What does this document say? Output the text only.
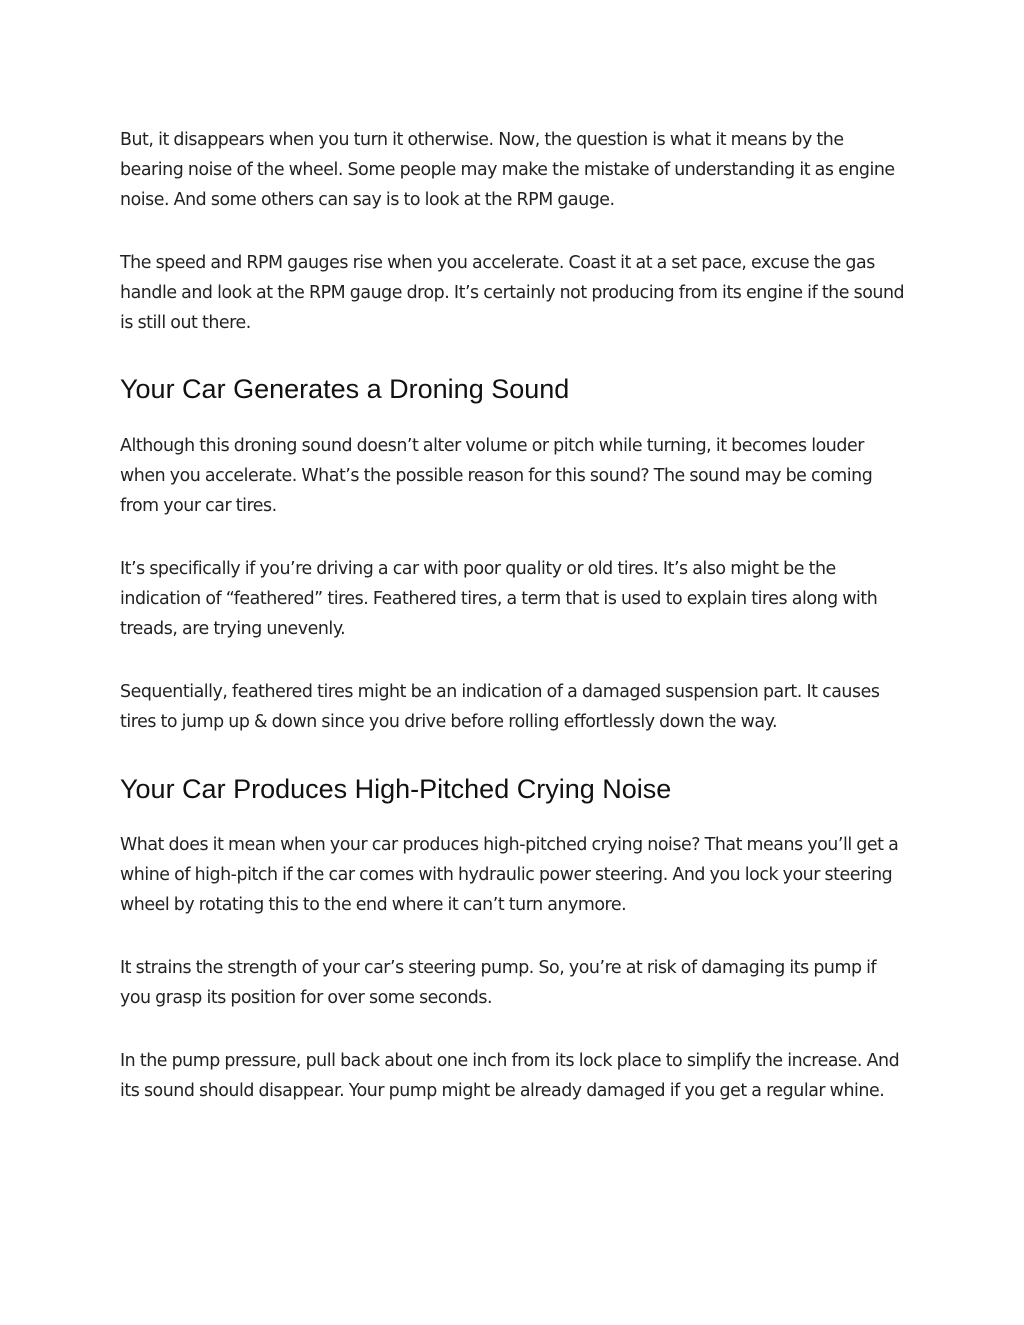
But, it disappears when you turn it otherwise. Now, the question is what it means by the bearing noise of the wheel. Some people may make the mistake of understanding it as engine noise. And some others can say is to look at the RPM gauge.

The speed and RPM gauges rise when you accelerate. Coast it at a set pace, excuse the gas handle and look at the RPM gauge drop. It’s certainly not producing from its engine if the sound is still out there.

Your Car Generates a Droning Sound

Although this droning sound doesn’t alter volume or pitch while turning, it becomes louder when you accelerate. What’s the possible reason for this sound? The sound may be coming from your car tires.

It’s specifically if you’re driving a car with poor quality or old tires. It’s also might be the indication of “feathered” tires. Feathered tires, a term that is used to explain tires along with treads, are trying unevenly.

Sequentially, feathered tires might be an indication of a damaged suspension part. It causes tires to jump up & down since you drive before rolling effortlessly down the way.

Your Car Produces High-Pitched Crying Noise

What does it mean when your car produces high-pitched crying noise? That means you’ll get a whine of high-pitch if the car comes with hydraulic power steering. And you lock your steering wheel by rotating this to the end where it can’t turn anymore.

It strains the strength of your car’s steering pump. So, you’re at risk of damaging its pump if you grasp its position for over some seconds.

In the pump pressure, pull back about one inch from its lock place to simplify the increase. And its sound should disappear. Your pump might be already damaged if you get a regular whine.
